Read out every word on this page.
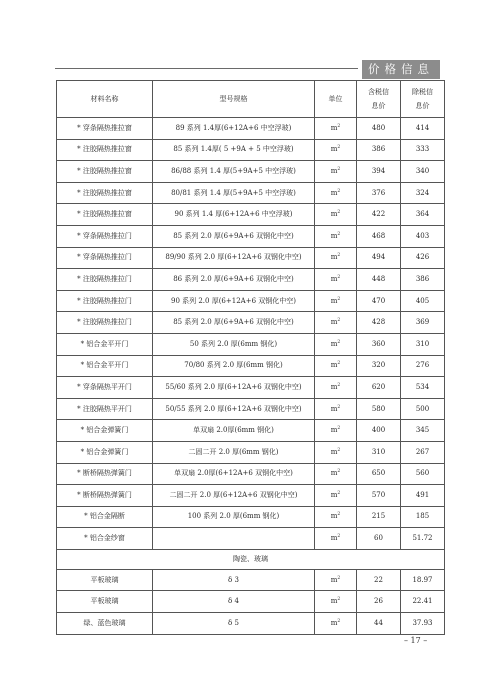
价格信息
材料名称	型号规格	单位	含税信息价	除税信息价

* 穿条隔热推拉窗	89 系列 1.4厚(6+12A+6 中空浮玻)	$m^2$	480	414
* 注胶隔热推拉窗	85 系列 1.4厚( 5 +9A + 5 中空浮玻)	$m^2$	386	333
* 注胶隔热推拉窗	86/88 系列 1.4 厚(5+9A+5 中空浮玻)	$m^2$	394	340
* 注胶隔热推拉窗	80/81 系列 1.4 厚(5+9A+5 中空浮玻)	$m^2$	376	324
* 注胶隔热推拉窗	90 系列 1.4 厚(6+12A+6 中空浮玻)	$m^2$	422	364
* 穿条隔热推拉门	85 系列 2.0 厚(6+9A+6 双钢化中空)	$m^2$	468	403
* 穿条隔热推拉门	89/90 系列 2.0 厚(6+12A+6 双钢化中空)	$m^2$	494	426
* 注胶隔热推拉门	86 系列 2.0 厚(6+9A+6 双钢化中空)	$m^2$	448	386
* 注胶隔热推拉门	90 系列 2.0 厚(6+12A+6 双钢化中空)	$m^2$	470	405
* 注胶隔热推拉门	85 系列 2.0 厚(6+9A+6 双钢化中空)	$m^2$	428	369
* 铝合金平开门	50 系列 2.0 厚(6mm 钢化)	$m^2$	360	310
* 铝合金平开门	70/80 系列 2.0 厚(6mm 钢化)	$m^2$	320	276
* 穿条隔热平开门	55/60 系列 2.0 厚(6+12A+6 双钢化中空)	$m^2$	620	534
* 注胶隔热平开门	50/55 系列 2.0 厚(6+12A+6 双钢化中空)	$m^2$	580	500
* 铝合金弹簧门	单双扇 2.0厚(6mm 钢化)	$m^2$	400	345
* 铝合金弹簧门	二固二开 2.0 厚(6mm 钢化)	$m^2$	310	267
* 断桥隔热弹簧门	单双扇 2.0厚(6+12A+6 双钢化中空)	$m^2$	650	560
* 断桥隔热弹簧门	二固二开 2.0 厚(6+12A+6 双钢化中空)	$m^2$	570	491
* 铝合金隔断	100 系列 2.0 厚(6mm 钢化)	$m^2$	215	185
* 铝合金纱窗		$m^2$	60	51.72
陶瓷、玻璃				
平板玻璃	δ 3	$m^2$	22	18.97
平板玻璃	δ 4	$m^2$	26	22.41
绿、蓝色玻璃	δ 5	$m^2$	44	37.93
– 17 –
